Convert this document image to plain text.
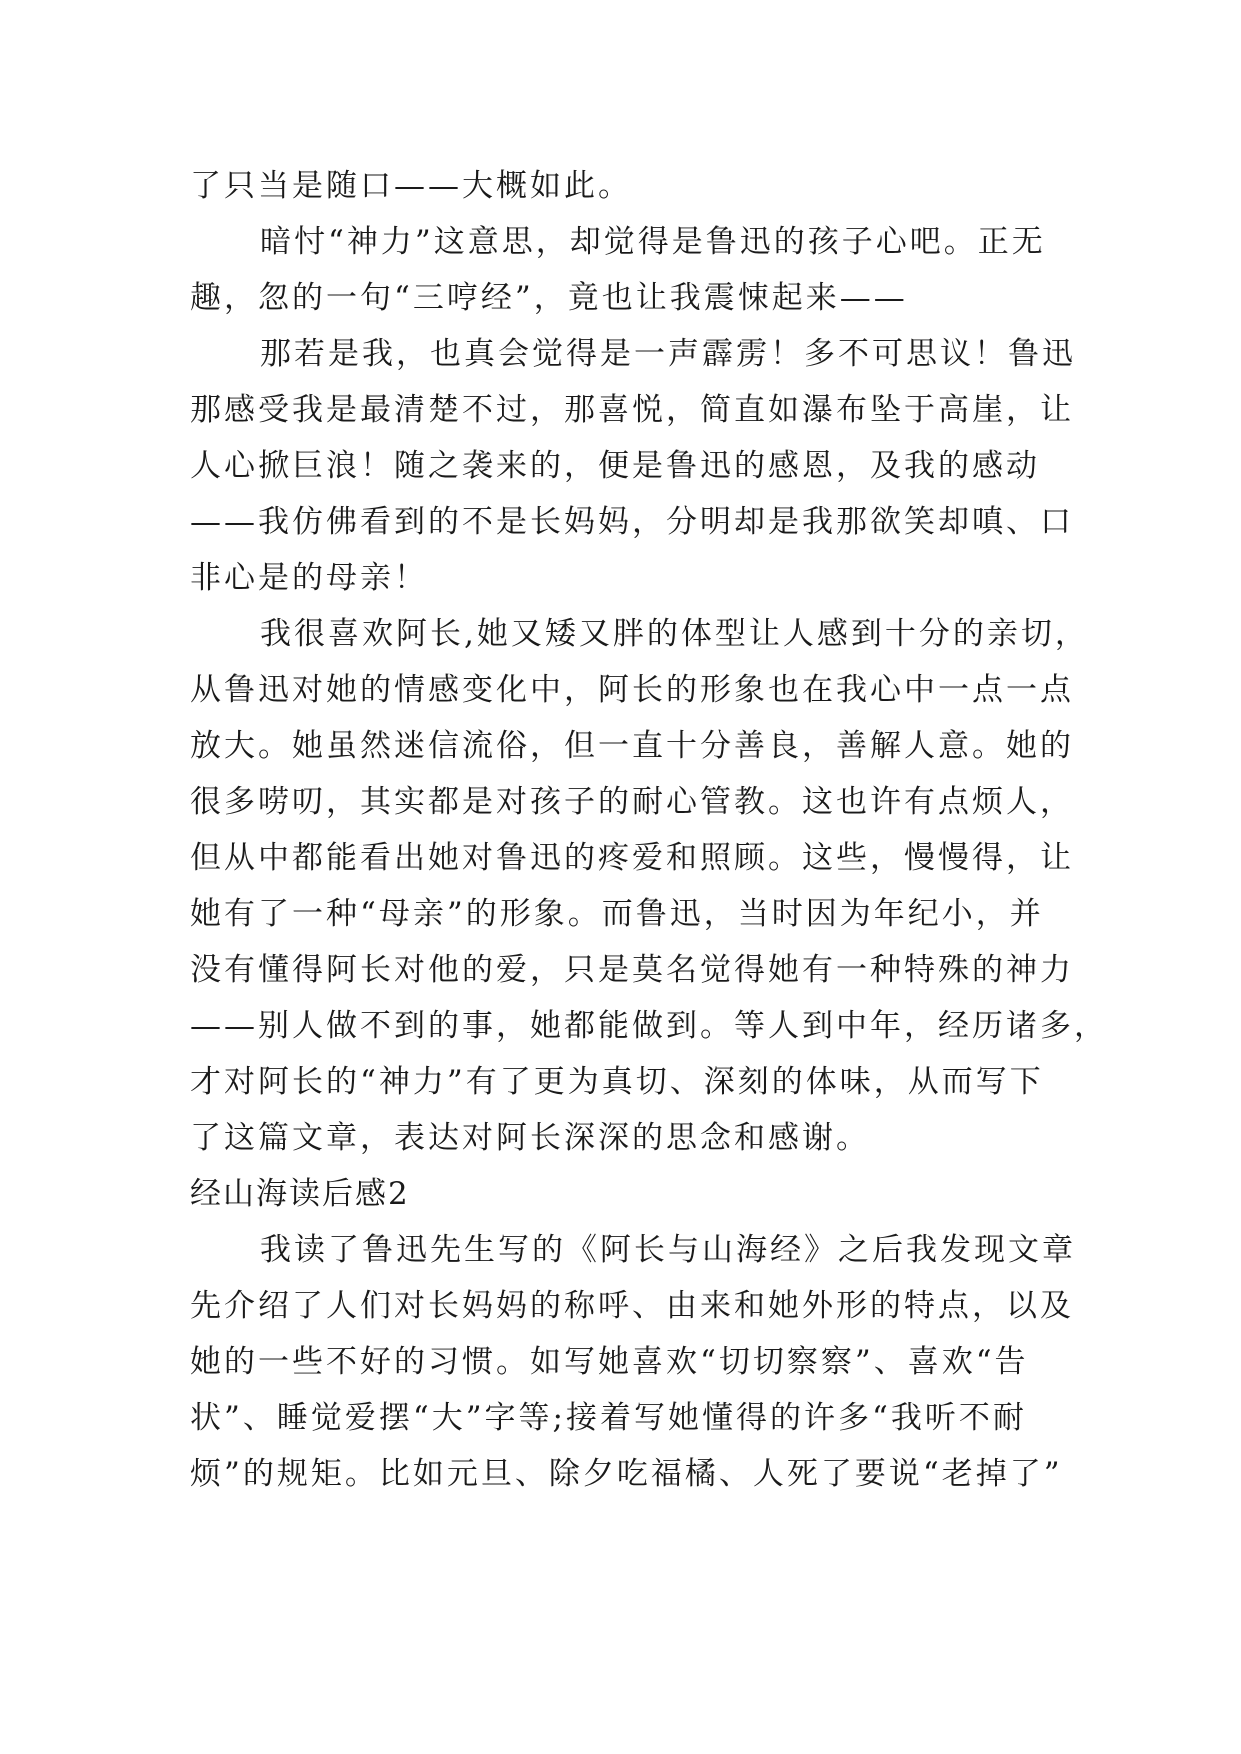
了只当是随口——大概如此。
暗忖“神力”这意思，却觉得是鲁迅的孩子心吧。正无
趣，忽的一句“三哼经”，竟也让我震悚起来——
那若是我，也真会觉得是一声霹雳！多不可思议！鲁迅
那感受我是最清楚不过，那喜悦，简直如瀑布坠于高崖，让
人心掀巨浪！随之袭来的，便是鲁迅的感恩，及我的感动
——我仿佛看到的不是长妈妈，分明却是我那欲笑却嗔、口
非心是的母亲！
我很喜欢阿长,她又矮又胖的体型让人感到十分的亲切，
从鲁迅对她的情感变化中，阿长的形象也在我心中一点一点
放大。她虽然迷信流俗，但一直十分善良，善解人意。她的
很多唠叨，其实都是对孩子的耐心管教。这也许有点烦人，
但从中都能看出她对鲁迅的疼爱和照顾。这些，慢慢得，让
她有了一种“母亲”的形象。而鲁迅，当时因为年纪小，并
没有懂得阿长对他的爱，只是莫名觉得她有一种特殊的神力
——别人做不到的事，她都能做到。等人到中年，经历诸多，
才对阿长的“神力”有了更为真切、深刻的体味，从而写下
了这篇文章，表达对阿长深深的思念和感谢。
经山海读后感2
我读了鲁迅先生写的《阿长与山海经》之后我发现文章
先介绍了人们对长妈妈的称呼、由来和她外形的特点，以及
她的一些不好的习惯。如写她喜欢“切切察察”、喜欢“告
状”、睡觉爱摆“大”字等;接着写她懂得的许多“我听不耐
烦”的规矩。比如元旦、除夕吃福橘、人死了要说“老掉了”
